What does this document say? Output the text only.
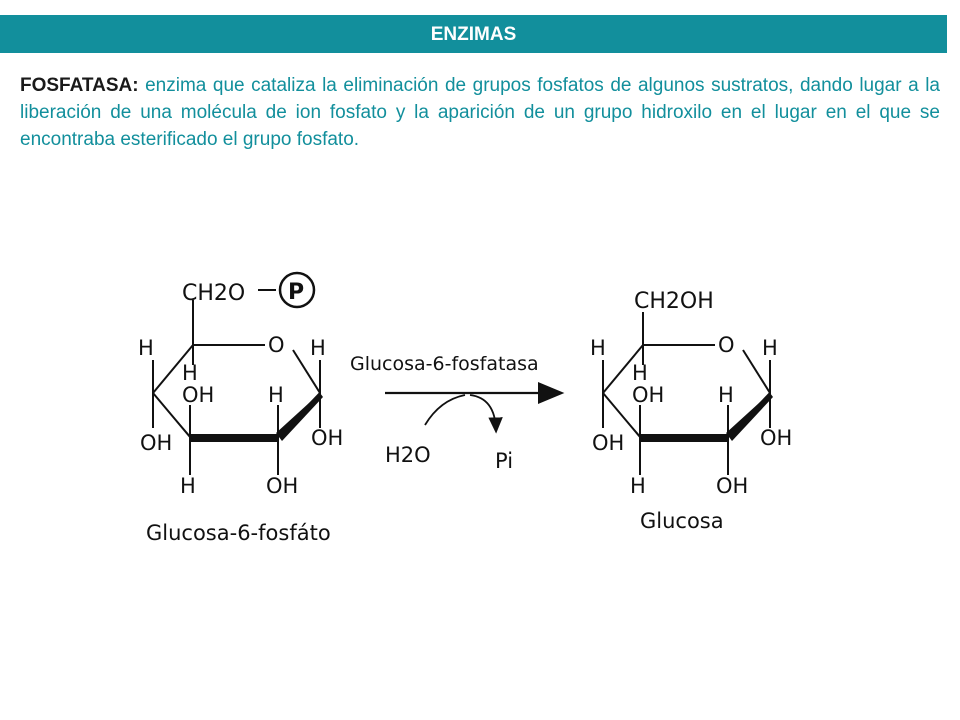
ENZIMAS
FOSFATASA: enzima que cataliza la eliminación de grupos fosfatos de algunos sustratos, dando lugar a la liberación de una molécula de ion fosfato y la aparición de un grupo hidroxilo en el lugar en el que se encontraba esterificado el grupo fosfato.
CH2O P
O
H
H
H
OH	H
OH
OH
H	OH
Glucosa-6-fosfáto
Glucosa-6-fosfatasa
H2O	Pi
CH2OH
O
H
H
H
OH	H
OH
OH
H	OH
Glucosa
